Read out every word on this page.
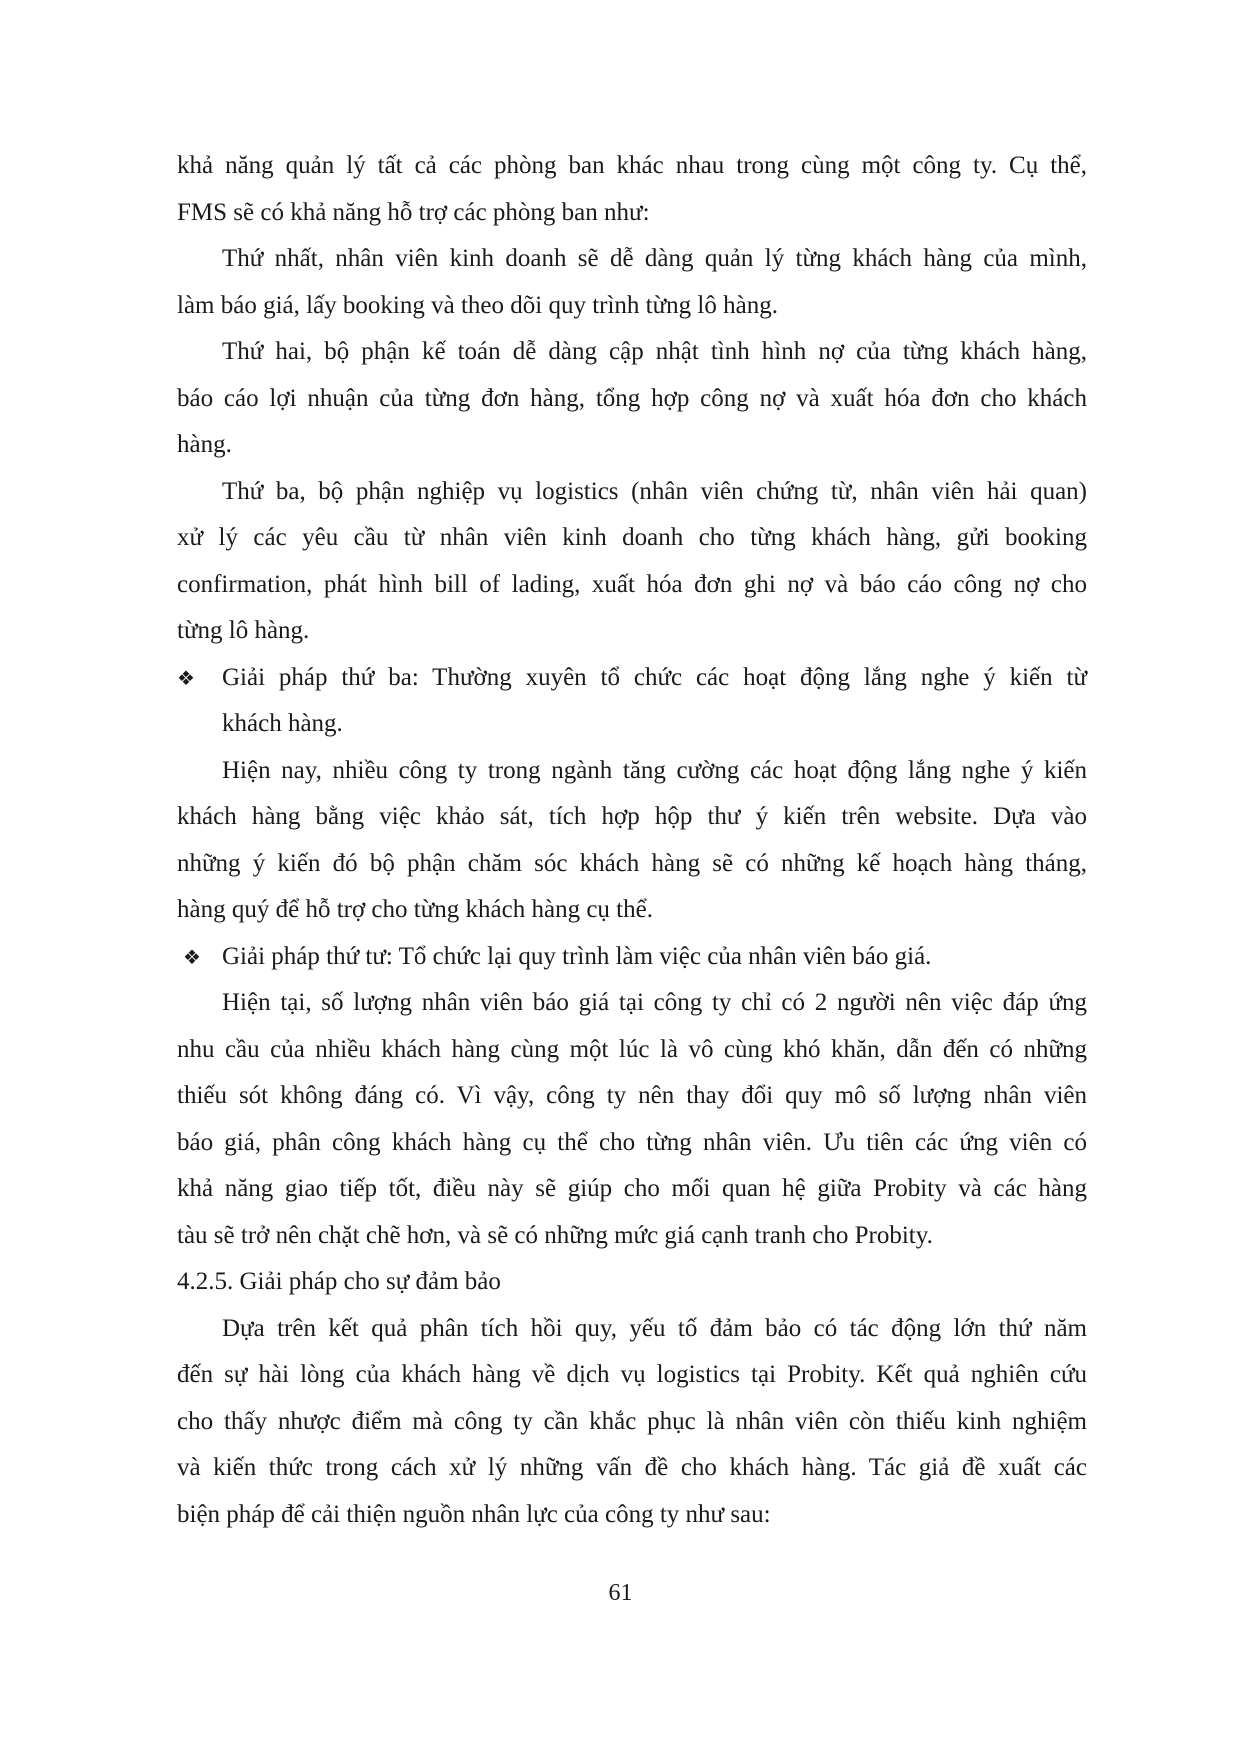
khả năng quản lý tất cả các phòng ban khác nhau trong cùng một công ty. Cụ thể,
FMS sẽ có khả năng hỗ trợ các phòng ban như:
Thứ nhất, nhân viên kinh doanh sẽ dễ dàng quản lý từng khách hàng của mình,
làm báo giá, lấy booking và theo dõi quy trình từng lô hàng.
Thứ hai, bộ phận kế toán dễ dàng cập nhật tình hình nợ của từng khách hàng,
báo cáo lợi nhuận của từng đơn hàng, tổng hợp công nợ và xuất hóa đơn cho khách
hàng.
Thứ ba, bộ phận nghiệp vụ logistics (nhân viên chứng từ, nhân viên hải quan)
xử lý các yêu cầu từ nhân viên kinh doanh cho từng khách hàng, gửi booking
confirmation, phát hình bill of lading, xuất hóa đơn ghi nợ và báo cáo công nợ cho
từng lô hàng.
❖	Giải pháp thứ ba: Thường xuyên tổ chức các hoạt động lắng nghe ý kiến từ
khách hàng.
Hiện nay, nhiều công ty trong ngành tăng cường các hoạt động lắng nghe ý kiến
khách hàng bằng việc khảo sát, tích hợp hộp thư ý kiến trên website. Dựa vào
những ý kiến đó bộ phận chăm sóc khách hàng sẽ có những kế hoạch hàng tháng,
hàng quý để hỗ trợ cho từng khách hàng cụ thể.
❖ Giải pháp thứ tư: Tổ chức lại quy trình làm việc của nhân viên báo giá.
Hiện tại, số lượng nhân viên báo giá tại công ty chỉ có 2 người nên việc đáp ứng
nhu cầu của nhiều khách hàng cùng một lúc là vô cùng khó khăn, dẫn đến có những
thiếu sót không đáng có. Vì vậy, công ty nên thay đổi quy mô số lượng nhân viên
báo giá, phân công khách hàng cụ thể cho từng nhân viên. Ưu tiên các ứng viên có
khả năng giao tiếp tốt, điều này sẽ giúp cho mối quan hệ giữa Probity và các hàng
tàu sẽ trở nên chặt chẽ hơn, và sẽ có những mức giá cạnh tranh cho Probity.
4.2.5. Giải pháp cho sự đảm bảo
Dựa trên kết quả phân tích hồi quy, yếu tố đảm bảo có tác động lớn thứ năm
đến sự hài lòng của khách hàng về dịch vụ logistics tại Probity. Kết quả nghiên cứu
cho thấy nhược điểm mà công ty cần khắc phục là nhân viên còn thiếu kinh nghiệm
và kiến thức trong cách xử lý những vấn đề cho khách hàng. Tác giả đề xuất các
biện pháp để cải thiện nguồn nhân lực của công ty như sau:
61
